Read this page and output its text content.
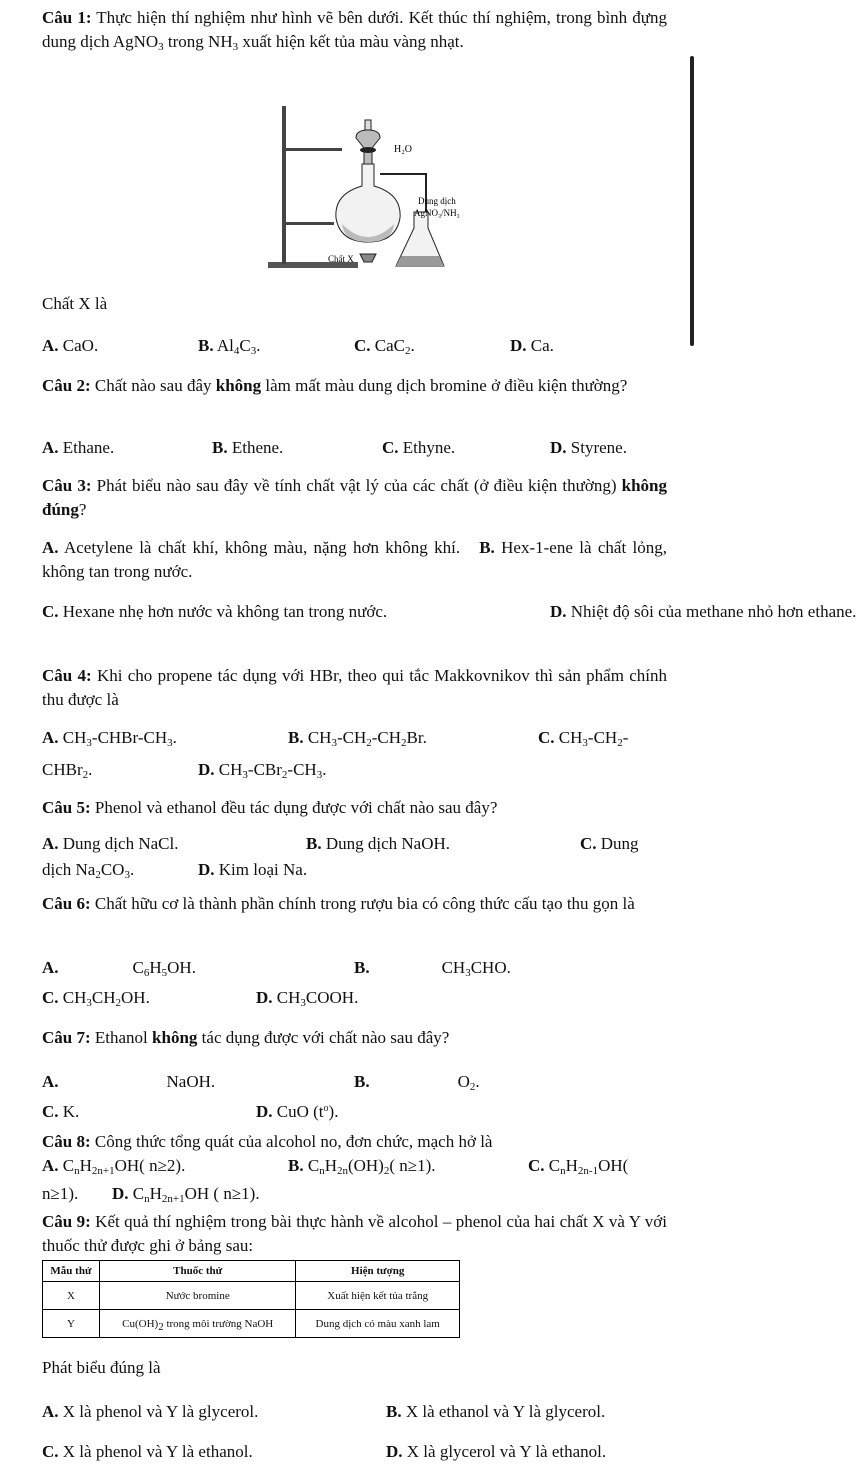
Câu 1: Thực hiện thí nghiệm như hình vẽ bên dưới. Kết thúc thí nghiệm, trong bình đựng dung dịch AgNO$_3$ trong $NH_3$ xuất hiện kết tủa màu vàng nhạt.
H₂O
Dung dịch
AgNO₃/NH₃
Chất X
Chất X là
A. CaO.	B. $Al_4C_3$.	C. CaC$_2$.	D. Ca.
Câu 2: Chất nào sau đây không làm mất màu dung dịch bromine ở điều kiện thường?
A. Ethane.	B. Ethene.	C. Ethyne.	D. Styrene.
Câu 3: Phát biểu nào sau đây về tính chất vật lý của các chất (ở điều kiện thường) không đúng?
A. Acetylene là chất khí, không màu, nặng hơn không khí. B. Hex-1-ene là chất lỏng, không tan trong nước.
C. Hexane nhẹ hơn nước và không tan trong nước.	D. Nhiệt độ sôi của methane nhỏ hơn ethane.
Câu 4: Khi cho propene tác dụng với HBr, theo qui tắc Makkovnikov thì sản phẩm chính thu được là
A. $CH_3-CHBr-CH_3$.	B. $CH_3-CH_2-CH_2Br$.	C. $CH_3-CH_2-$
CHBr$_2$.	D. $CH_3-CBr_2-CH_3$.
Câu 5: Phenol và ethanol đều tác dụng được với chất nào sau đây?
A. Dung dịch NaCl.	B. Dung dịch NaOH.	C. Dung
dịch $Na_2CO_3$.	D. Kim loại Na.
Câu 6: Chất hữu cơ là thành phần chính trong rượu bia có công thức cấu tạo thu gọn là
A.	$C_6H_5OH$.	B.	$CH_3CHO$.
C. $CH_3CH_2OH$.	D. $CH_3COOH$.
Câu 7: Ethanol không tác dụng được với chất nào sau đây?
A.	NaOH.	B.	$O_2$.
C. K.	D. CuO $(t^o)$.
Câu 8: Công thức tổng quát của alcohol no, đơn chức, mạch hở là
A. $C_nH_{2n+1}OH$( n≥2).	B. $C_nH_{2n}(OH)_2$( n≥1).	C. $C_nH_{2n-1}OH$(
n≥1). D. $C_nH_{2n+1}OH$ ( n≥1).
Câu 9: Kết quả thí nghiệm trong bài thực hành về alcohol – phenol của hai chất X và Y với thuốc thử được ghi ở bảng sau:
Mẫu thử	Thuốc thử	Hiện tượng
X	Nước bromine	Xuất hiện kết tủa trắng
Y	$Cu(OH)_2$ trong môi trường NaOH	Dung dịch có màu xanh lam
Phát biểu đúng là
A. X là phenol và Y là glycerol.	B. X là ethanol và Y là glycerol.
C. X là phenol và Y là ethanol.	D. X là glycerol và Y là ethanol.
